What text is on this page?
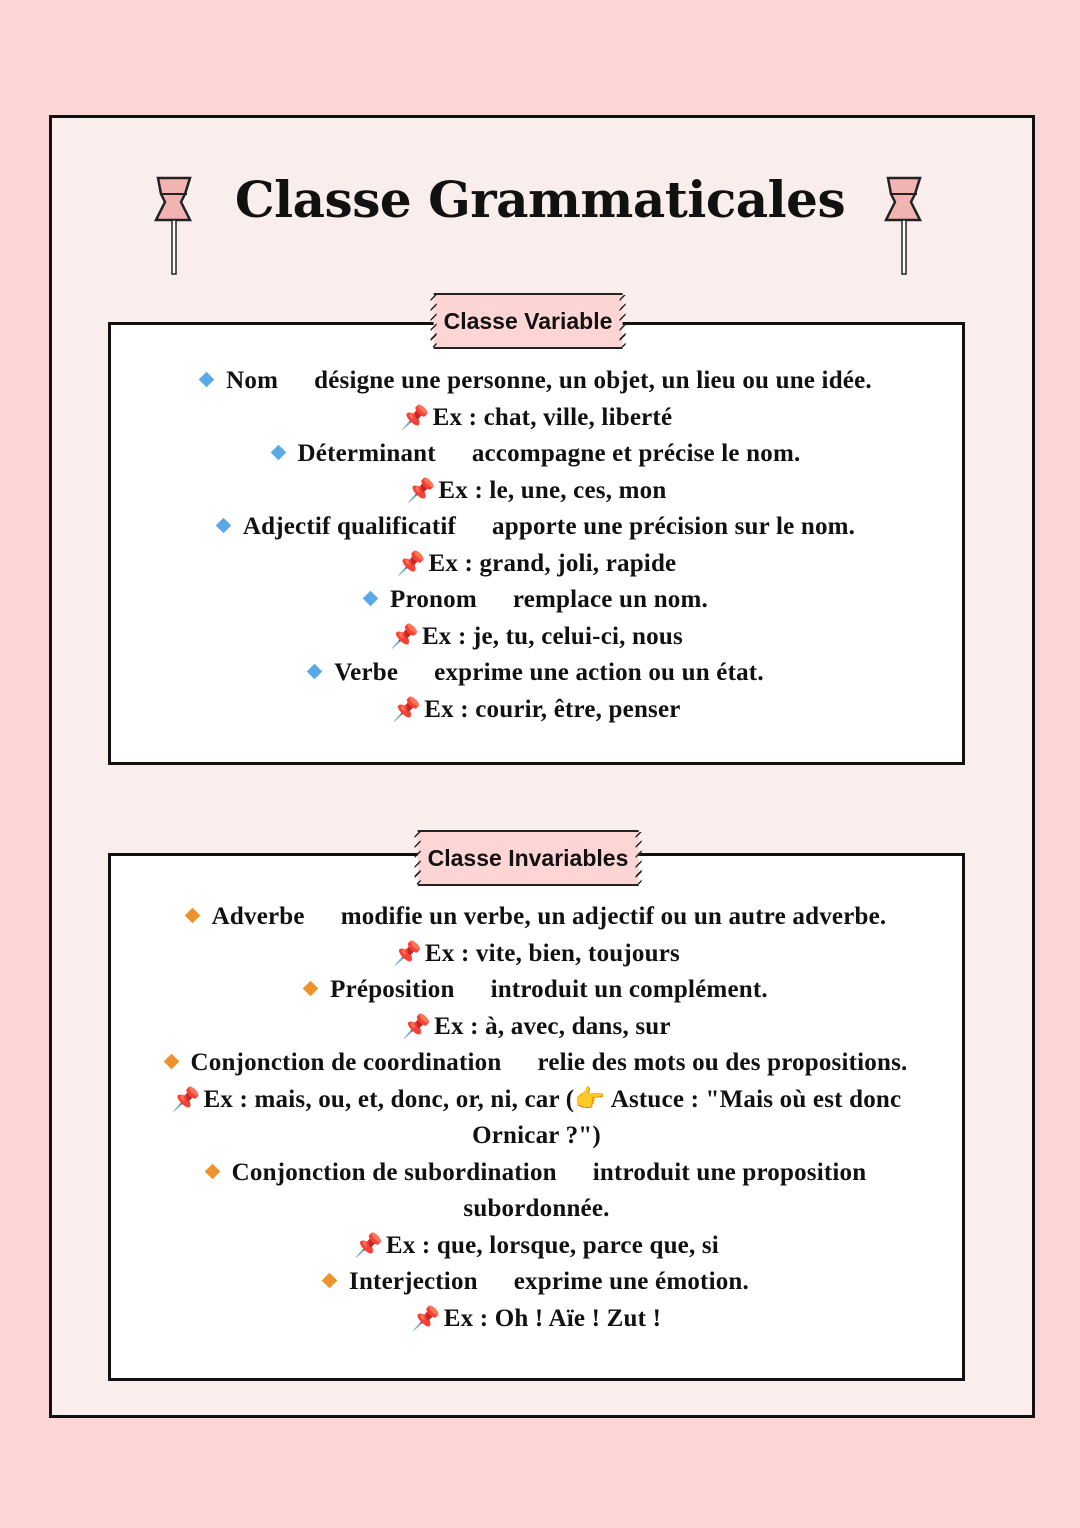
Classe Grammaticales
Nom désigne une personne, un objet, un lieu ou une idée.
📌 Ex : chat, ville, liberté
Déterminant accompagne et précise le nom.
📌 Ex : le, une, ces, mon
Adjectif qualificatif apporte une précision sur le nom.
📌 Ex : grand, joli, rapide
Pronom remplace un nom.
📌 Ex : je, tu, celui-ci, nous
Verbe exprime une action ou un état.
📌 Ex : courir, être, penser
Classe Variable
Adverbe modifie un verbe, un adjectif ou un autre adverbe.
📌 Ex : vite, bien, toujours
Préposition introduit un complément.
📌 Ex : à, avec, dans, sur
Conjonction de coordination relie des mots ou des propositions.
📌 Ex : mais, ou, et, donc, or, ni, car (👉 Astuce : "Mais où est donc Ornicar ?")
Conjonction de subordination introduit une proposition subordonnée.
📌 Ex : que, lorsque, parce que, si
Interjection exprime une émotion.
📌 Ex : Oh ! Aïe ! Zut !
Classe Invariables
